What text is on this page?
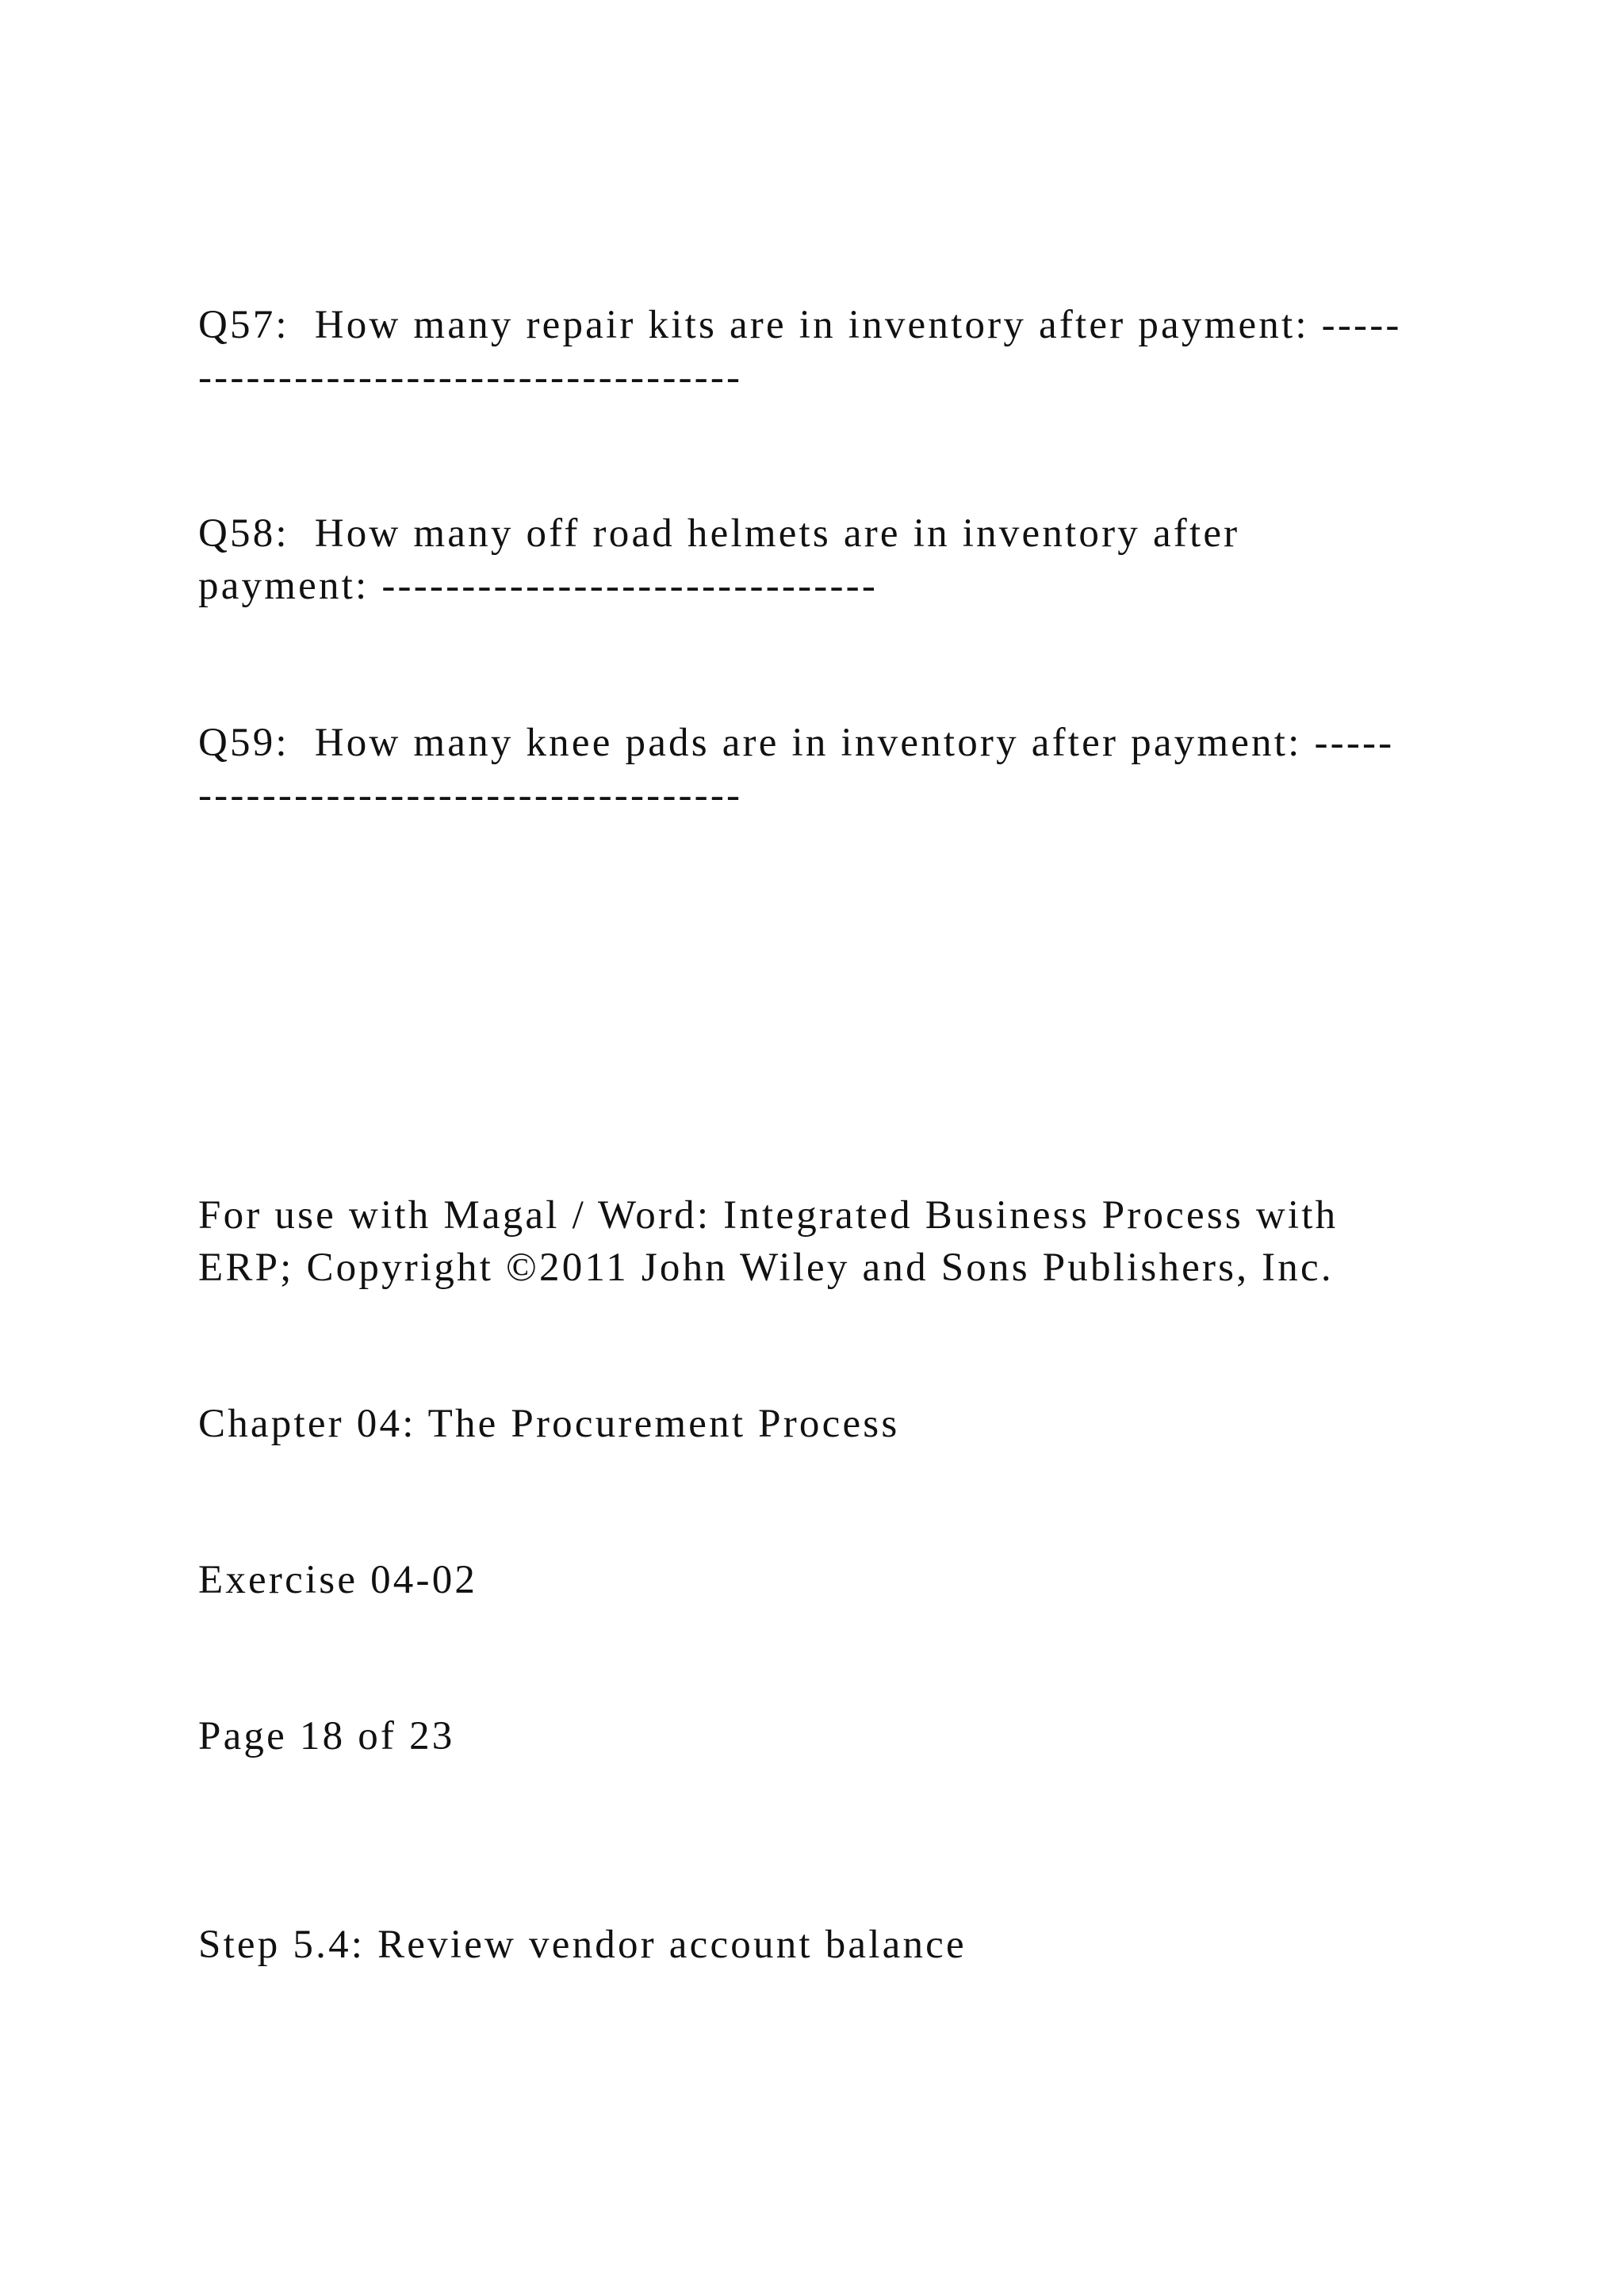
Q57:  How many repair kits are in inventory after payment: -----

----------------------------------

Q58:  How many off road helmets are in inventory after

payment: -------------------------------

Q59:  How many knee pads are in inventory after payment: -----

----------------------------------

For use with Magal / Word: Integrated Business Process with

ERP; Copyright ©2011 John Wiley and Sons Publishers, Inc.

Chapter 04: The Procurement Process

Exercise 04-02

Page 18 of 23

Step 5.4: Review vendor account balance
